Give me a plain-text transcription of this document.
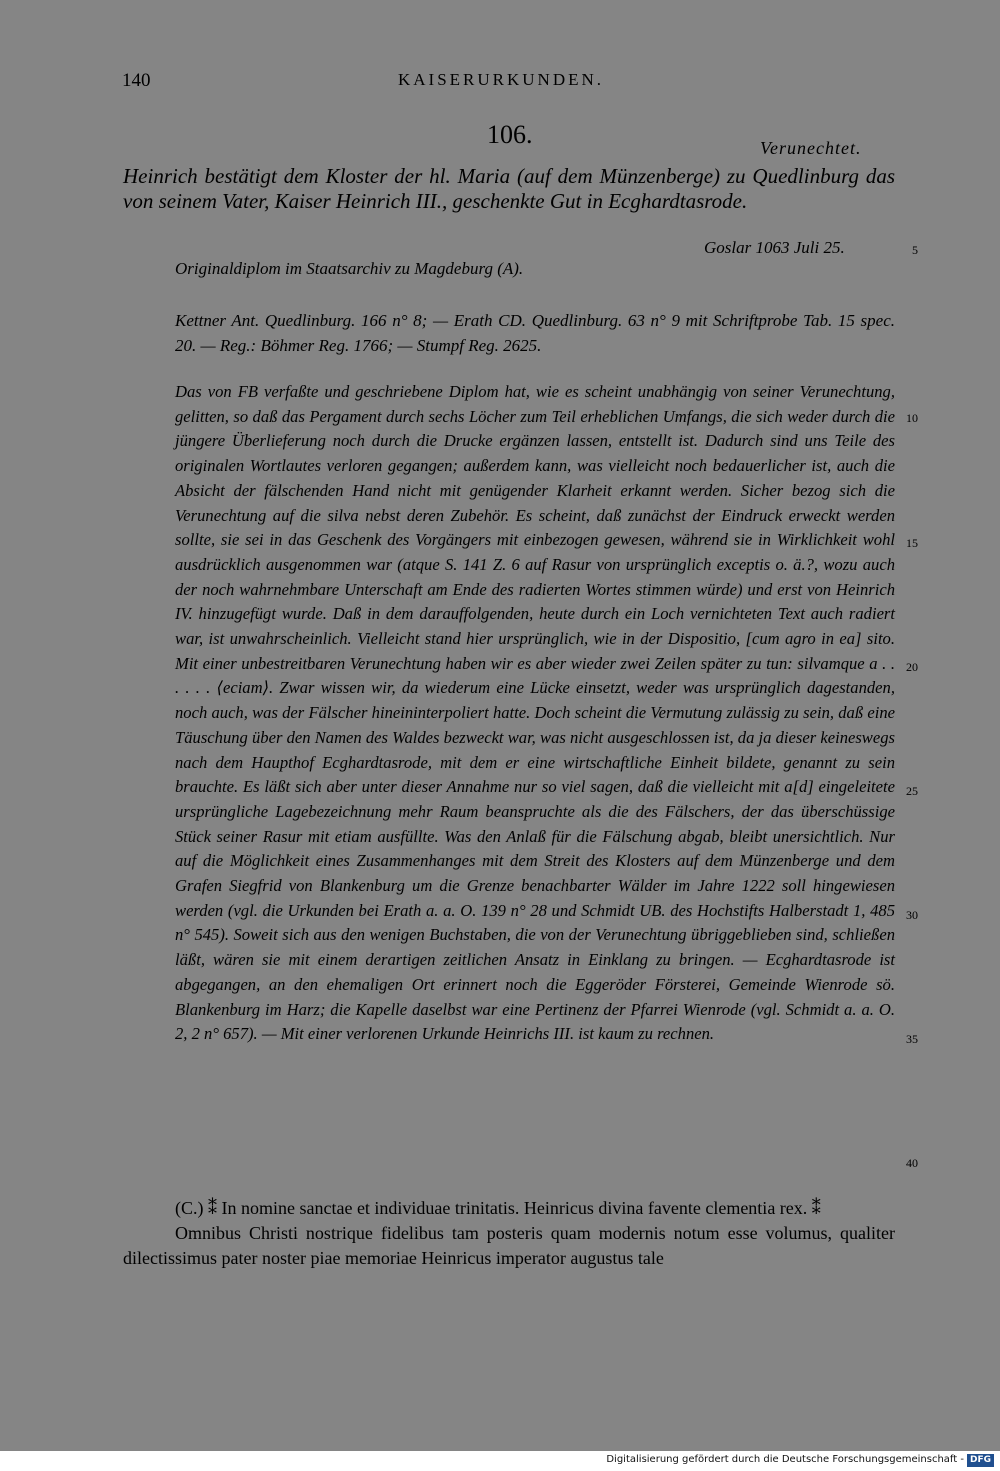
140	KAISERURKUNDEN.
106.	Verunechtet.

Heinrich bestätigt dem Kloster der hl. Maria (auf dem Münzenberge) zu Quedlinburg das von seinem Vater, Kaiser Heinrich III., geschenkte Gut in Ecghardtasrode.

Goslar 1063 Juli 25.	5
Originaldiplom im Staatsarchiv zu Magdeburg (A).

Kettner Ant. Quedlinburg. 166 n° 8; — Erath CD. Quedlinburg. 63 n° 9 mit Schriftprobe Tab. 15 spec. 20. — Reg.: Böhmer Reg. 1766; — Stumpf Reg. 2625.

Das von FB verfaßte und geschriebene Diplom hat, wie es scheint unabhängig von seiner Verunechtung, gelitten, so daß das Pergament durch sechs Löcher zum Teil erheblichen Umfangs, die sich weder durch die jüngere Überlieferung noch durch die Drucke ergänzen lassen, entstellt ist. Dadurch sind uns Teile des originalen Wortlautes verloren gegangen; außerdem kann, was vielleicht noch bedauerlicher ist, auch die Absicht der fälschenden Hand nicht mit genügender Klarheit erkannt werden. Sicher bezog sich die Verunechtung auf die silva nebst deren Zubehör. Es scheint, daß zunächst der Eindruck erweckt werden sollte, sie sei in das Geschenk des Vorgängers mit einbezogen gewesen, während sie in Wirklichkeit wohl ausdrücklich ausgenommen war (atque S. 141 Z. 6 auf Rasur von ursprünglich exceptis o. ä.?, wozu auch der noch wahrnehmbare Unterschaft am Ende des radierten Wortes stimmen würde) und erst von Heinrich IV. hinzugefügt wurde. Daß in dem darauffolgenden, heute durch ein Loch vernichteten Text auch radiert war, ist unwahrscheinlich. Vielleicht stand hier ursprünglich, wie in der Dispositio, [cum agro in ea] sito. Mit einer unbestreitbaren Verunechtung haben wir es aber wieder zwei Zeilen später zu tun: silvamque a . . . . . . ⟨eciam⟩. Zwar wissen wir, da wiederum eine Lücke einsetzt, weder was ursprünglich dagestanden, noch auch, was der Fälscher hineininterpoliert hatte. Doch scheint die Vermutung zulässig zu sein, daß eine Täuschung über den Namen des Waldes bezweckt war, was nicht ausgeschlossen ist, da ja dieser keineswegs nach dem Haupthof Ecghardtasrode, mit dem er eine wirtschaftliche Einheit bildete, genannt zu sein brauchte. Es läßt sich aber unter dieser Annahme nur so viel sagen, daß die vielleicht mit a[d] eingeleitete ursprüngliche Lagebezeichnung mehr Raum beanspruchte als die des Fälschers, der das überschüssige Stück seiner Rasur mit etiam ausfüllte. Was den Anlaß für die Fälschung abgab, bleibt unersichtlich. Nur auf die Möglichkeit eines Zusammenhanges mit dem Streit des Klosters auf dem Münzenberge und dem Grafen Siegfrid von Blankenburg um die Grenze benachbarter Wälder im Jahre 1222 soll hingewiesen werden (vgl. die Urkunden bei Erath a. a. O. 139 n° 28 und Schmidt UB. des Hochstifts Halberstadt 1, 485 n° 545). Soweit sich aus den wenigen Buchstaben, die von der Verunechtung übriggeblieben sind, schließen läßt, wären sie mit einem derartigen zeitlichen Ansatz in Einklang zu bringen. — Ecghardtasrode ist abgegangen, an den ehemaligen Ort erinnert noch die Eggeröder Försterei, Gemeinde Wienrode sö. Blankenburg im Harz; die Kapelle daselbst war eine Pertinenz der Pfarrei Wienrode (vgl. Schmidt a. a. O. 2, 2 n° 657). — Mit einer verlorenen Urkunde Heinrichs III. ist kaum zu rechnen.

10
15
20
25
30
35
40

(C.) ⁑ In nomine sanctae et individuae trinitatis. Heinricus divina favente clementia rex. ⁑
Omnibus Christi nostrique fidelibus tam posteris quam modernis notum esse volumus, qualiter dilectissimus pater noster piae memoriae Heinricus imperator augustus tale

Digitalisierung gefördert durch die Deutsche Forschungsgemeinschaft - DFG
